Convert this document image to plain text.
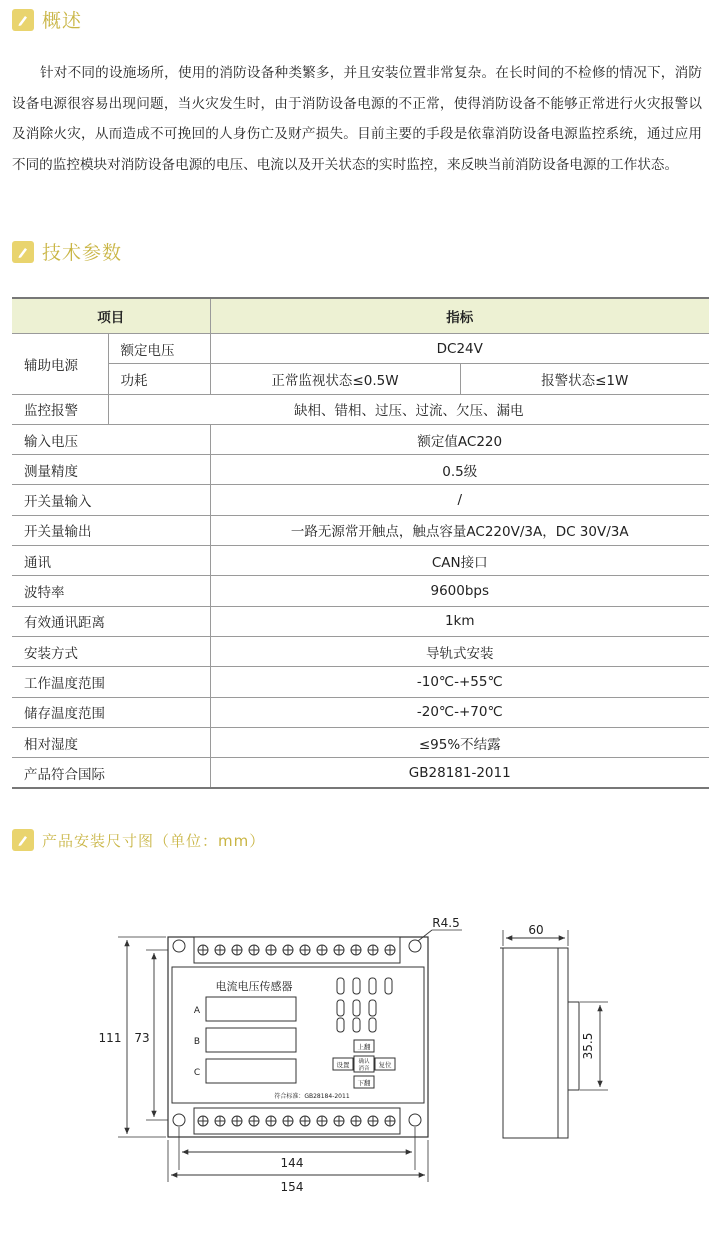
概述

针对不同的设施场所，使用的消防设备种类繁多，并且安装位置非常复杂。在长时间的不检修的情况下，消防设备电源很容易出现问题，当火灾发生时，由于消防设备电源的不正常，使得消防设备不能够正常进行火灾报警以及消除火灾，从而造成不可挽回的人身伤亡及财产损失。目前主要的手段是依靠消防设备电源监控系统，通过应用不同的监控模块对消防设备电源的电压、电流以及开关状态的实时监控，来反映当前消防设备电源的工作状态。

技术参数
项目		指标	
辅助电源	额定电压	DC24V	
	功耗	正常监视状态≤0.5W	报警状态≤1W
监控报警	缺相、错相、过压、过流、欠压、漏电		
输入电压		额定值AC220	
测量精度		0.5级	
开关量输入		/	
开关量输出		一路无源常开触点，触点容量AC220V/3A，DC 30V/3A	
通讯		CAN接口	
波特率		9600bps	
有效通讯距离		1km	
安装方式		导轨式安装	
工作温度范围		-10℃-+55℃	
储存温度范围		-20℃-+70℃	
相对湿度		≤95%不结露	
产品符合国际		GB28181-2011	
产品安装尺寸图（单位：mm）
电流电压传感器
A
B
C
上翻
设置 确认
消音 复位
下翻
符合标准：GB28184-2011
111 73
144
154
R4.5	60
35.5
